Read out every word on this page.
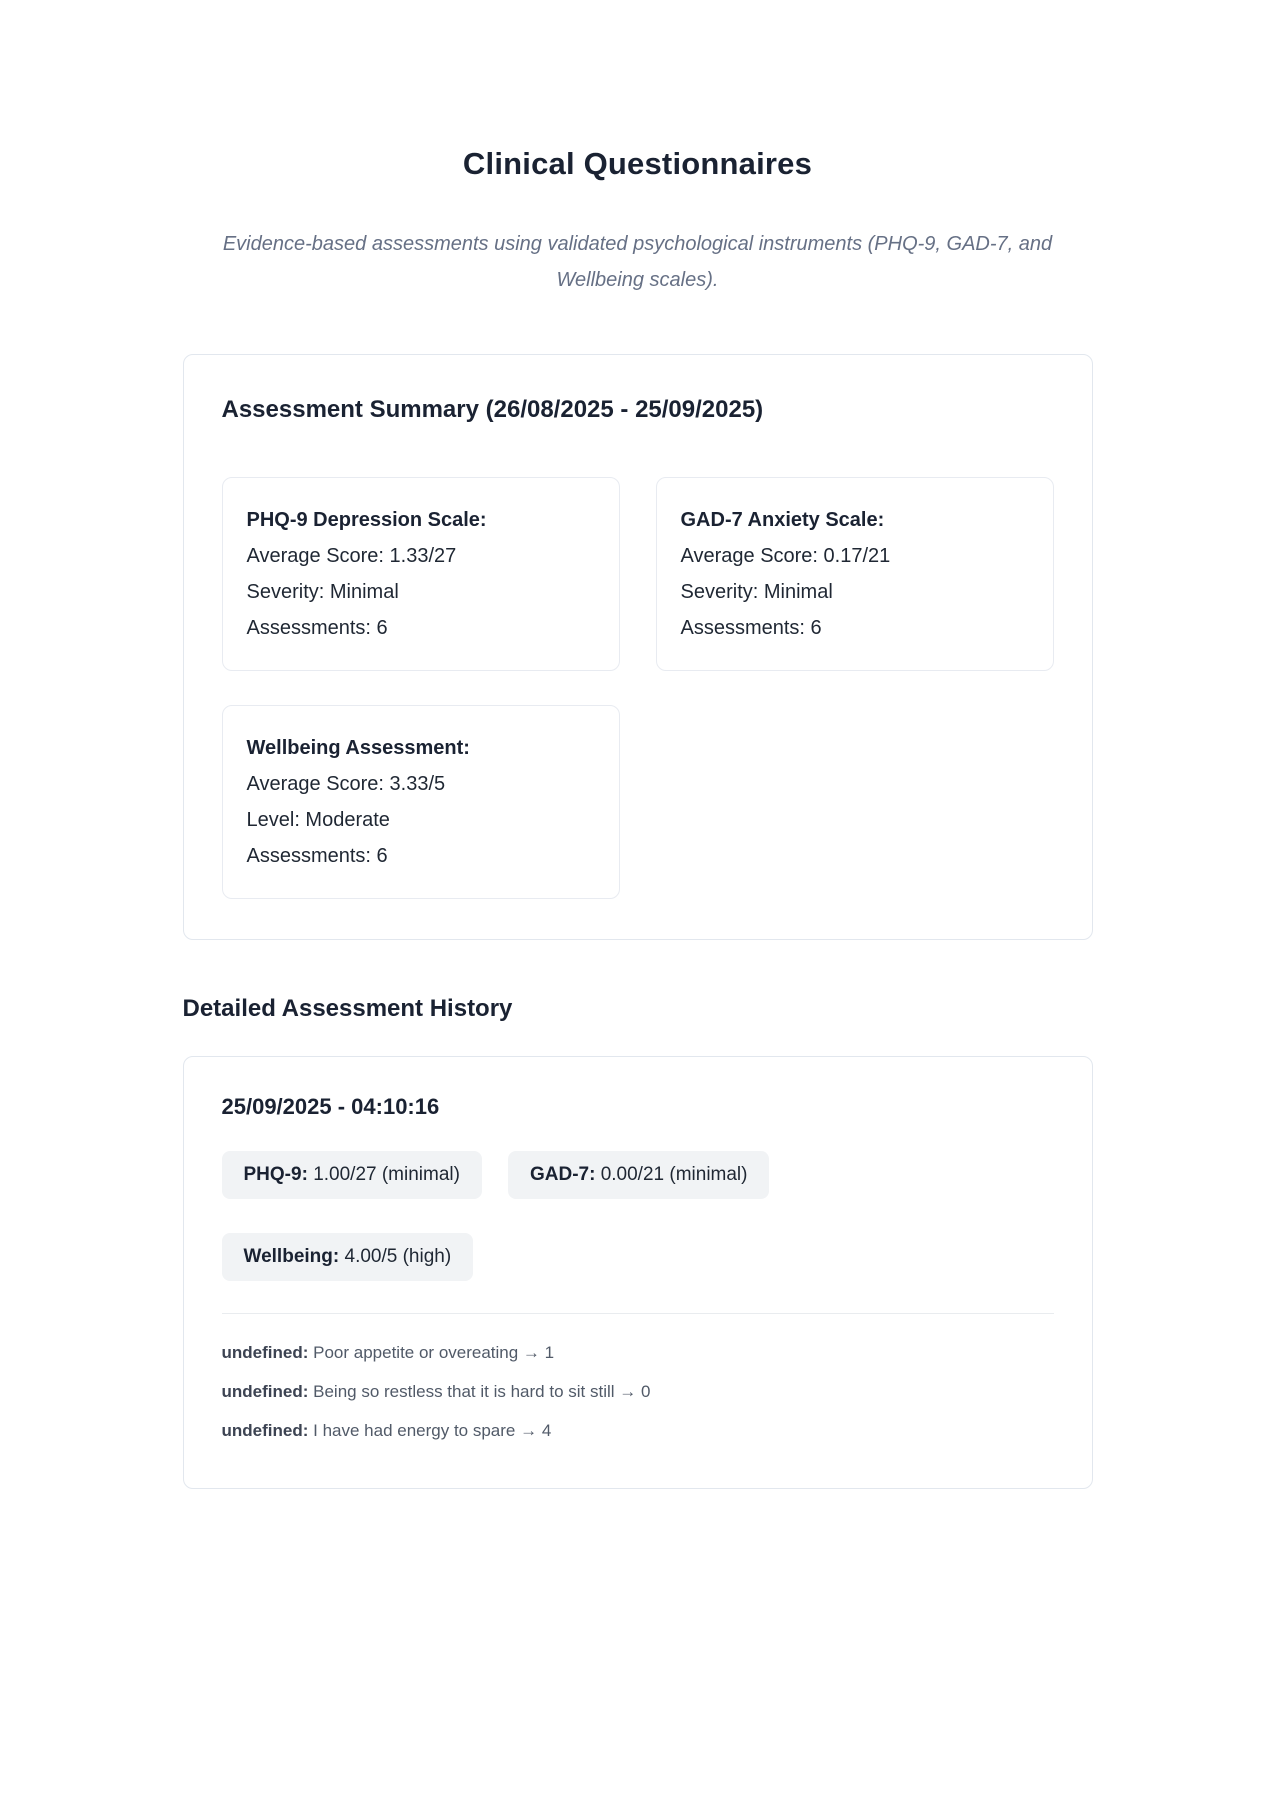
Clinical Questionnaires

Evidence-based assessments using validated psychological instruments (PHQ-9, GAD-7, and Wellbeing scales).

Assessment Summary (26/08/2025 - 25/09/2025)
PHQ-9 Depression Scale:
Average Score: 1.33/27
Severity: Minimal
Assessments: 6
GAD-7 Anxiety Scale:
Average Score: 0.17/21
Severity: Minimal
Assessments: 6
Wellbeing Assessment:
Average Score: 3.33/5
Level: Moderate
Assessments: 6
Detailed Assessment History
25/09/2025 - 04:10:16
PHQ-9: 1.00/27 (minimal)	GAD-7: 0.00/21 (minimal)
Wellbeing: 4.00/5 (high)
undefined: Poor appetite or overeating → 1
undefined: Being so restless that it is hard to sit still → 0
undefined: I have had energy to spare → 4
